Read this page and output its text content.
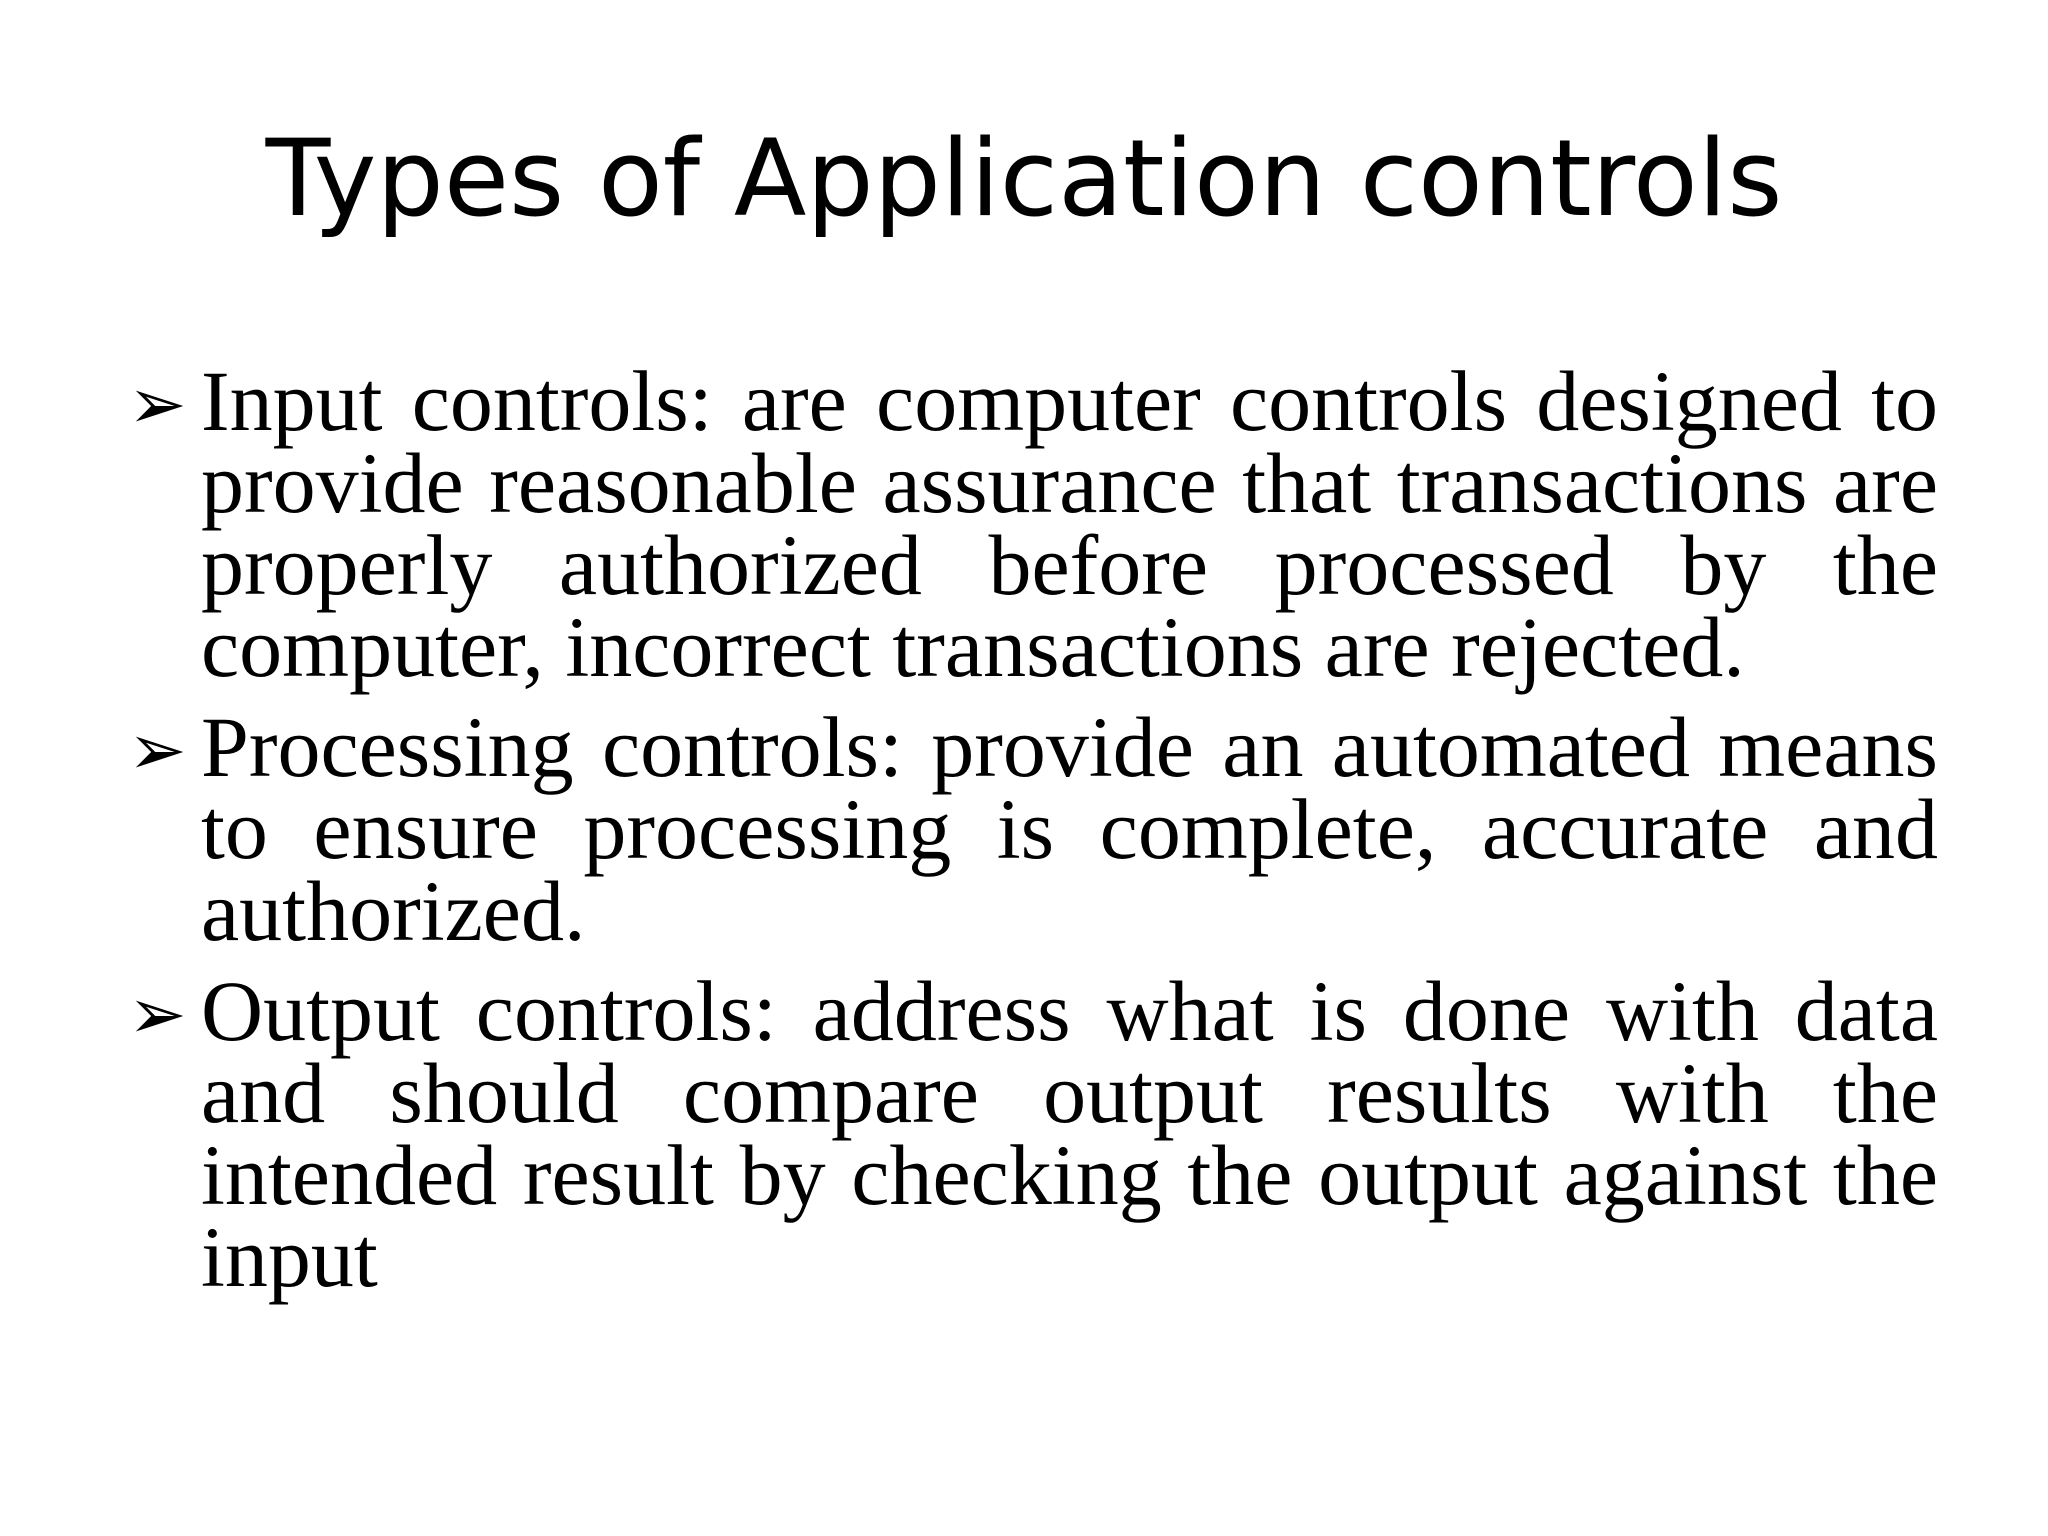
Types of Application controls
➢ Input controls: are computer controls designed to provide reasonable assurance that transactions are properly authorized before processed by the computer, incorrect transactions are rejected.

➢ Processing controls: provide an automated means to ensure processing is complete, accurate and authorized.

➢ Output controls: address what is done with data and should compare output results with the intended result by checking the output against the input
